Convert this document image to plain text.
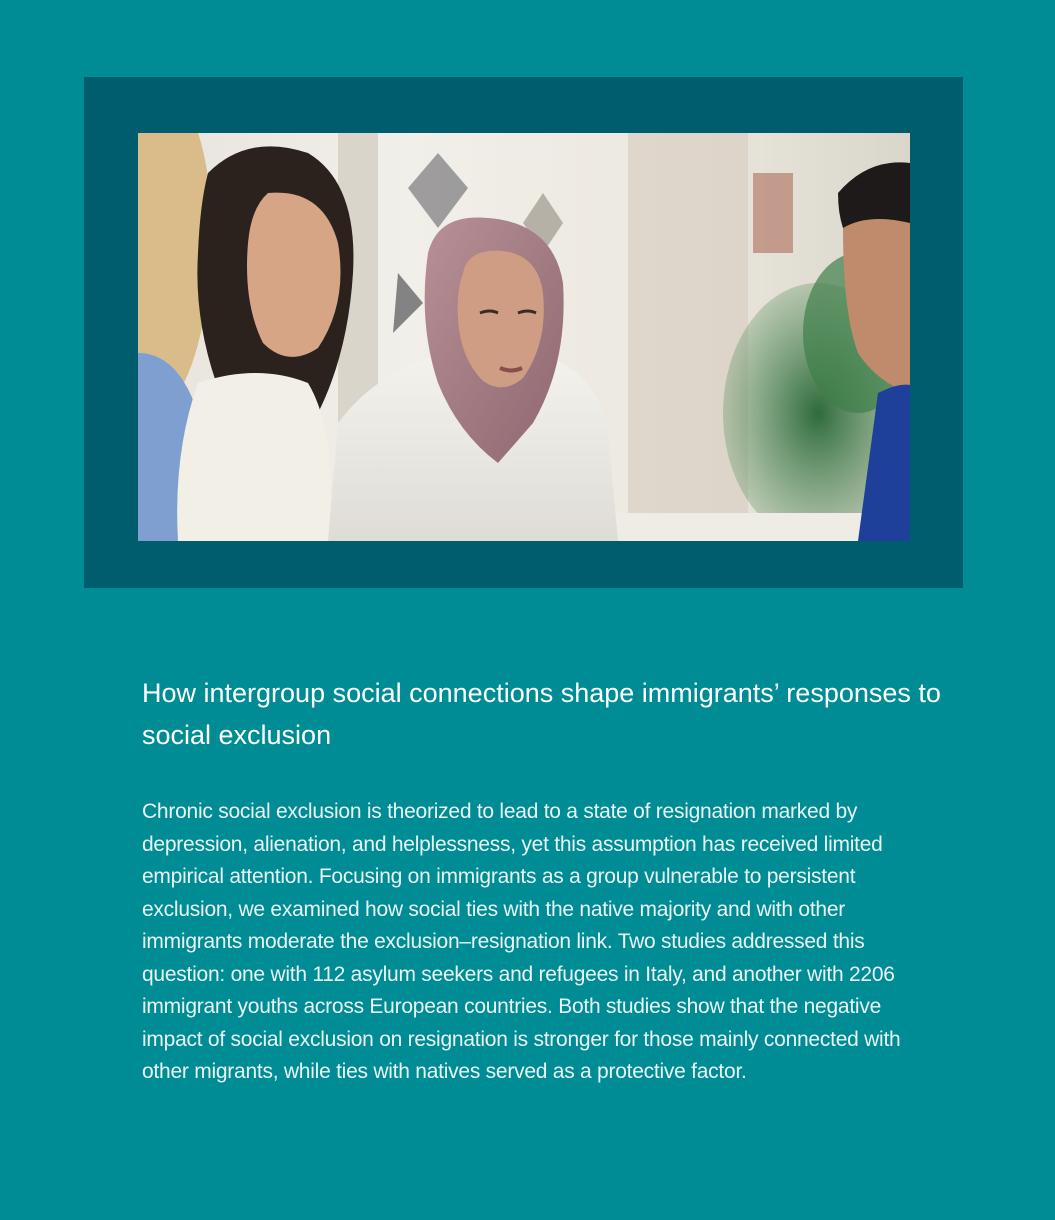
How intergroup social connections shape immigrants’ responses to social exclusion

Chronic social exclusion is theorized to lead to a state of resignation marked by depression, alienation, and helplessness, yet this assumption has received limited empirical attention. Focusing on immigrants as a group vulnerable to persistent exclusion, we examined how social ties with the native majority and with other immigrants moderate the exclusion–resignation link. Two studies addressed this question: one with 112 asylum seekers and refugees in Italy, and another with 2206 immigrant youths across European countries. Both studies show that the negative impact of social exclusion on resignation is stronger for those mainly connected with other migrants, while ties with natives served as a protective factor.
